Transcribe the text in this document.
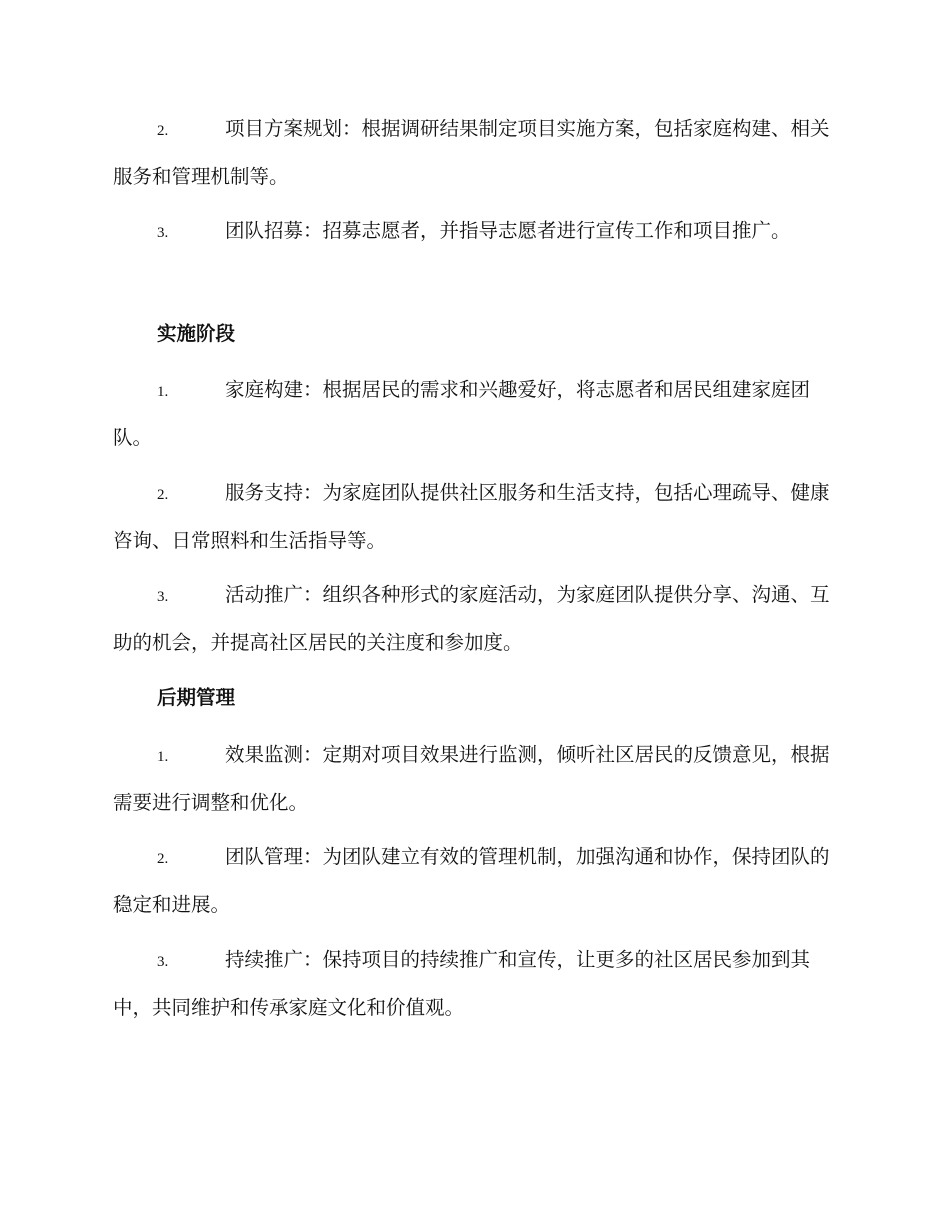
2.	项目方案规划：根据调研结果制定项目实施方案，包括家庭构建、相关服务和管理机制等。

3.	团队招募：招募志愿者，并指导志愿者进行宣传工作和项目推广。

实施阶段

1.	家庭构建：根据居民的需求和兴趣爱好，将志愿者和居民组建家庭团队。

2.	服务支持：为家庭团队提供社区服务和生活支持，包括心理疏导、健康咨询、日常照料和生活指导等。

3.	活动推广：组织各种形式的家庭活动，为家庭团队提供分享、沟通、互助的机会，并提高社区居民的关注度和参加度。

后期管理

1.	效果监测：定期对项目效果进行监测，倾听社区居民的反馈意见，根据需要进行调整和优化。

2.	团队管理：为团队建立有效的管理机制，加强沟通和协作，保持团队的稳定和进展。

3.	持续推广：保持项目的持续推广和宣传，让更多的社区居民参加到其中，共同维护和传承家庭文化和价值观。
